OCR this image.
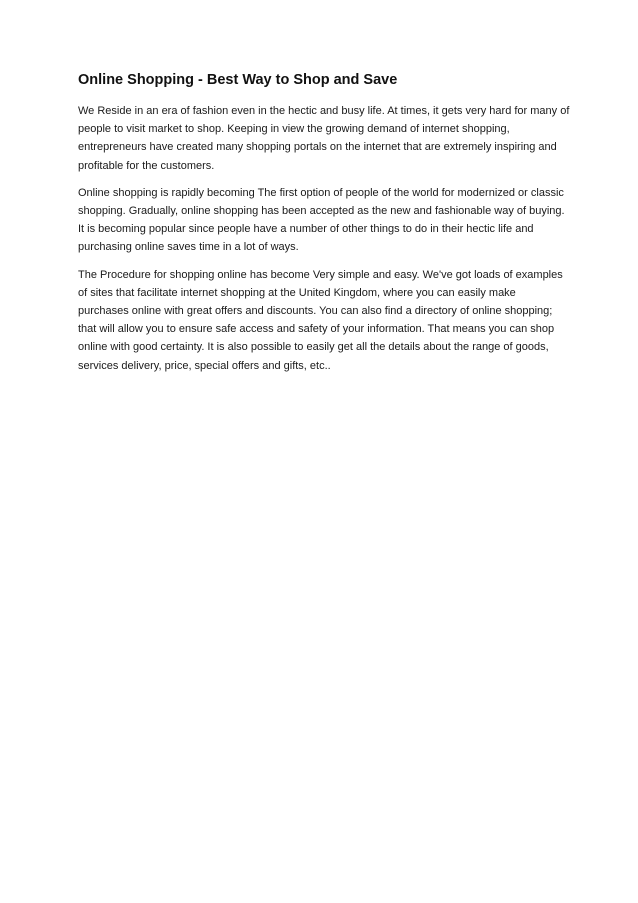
Online Shopping - Best Way to Shop and Save

We Reside in an era of fashion even in the hectic and busy life. At times, it gets very hard for many of
people to visit market to shop. Keeping in view the growing demand of internet shopping,
entrepreneurs have created many shopping portals on the internet that are extremely inspiring and
profitable for the customers.

Online shopping is rapidly becoming The first option of people of the world for modernized or classic
shopping. Gradually, online shopping has been accepted as the new and fashionable way of buying.
It is becoming popular since people have a number of other things to do in their hectic life and
purchasing online saves time in a lot of ways.

The Procedure for shopping online has become Very simple and easy. We've got loads of examples
of sites that facilitate internet shopping at the United Kingdom, where you can easily make
purchases online with great offers and discounts. You can also find a directory of online shopping;
that will allow you to ensure safe access and safety of your information. That means you can shop
online with good certainty. It is also possible to easily get all the details about the range of goods,
services delivery, price, special offers and gifts, etc..
